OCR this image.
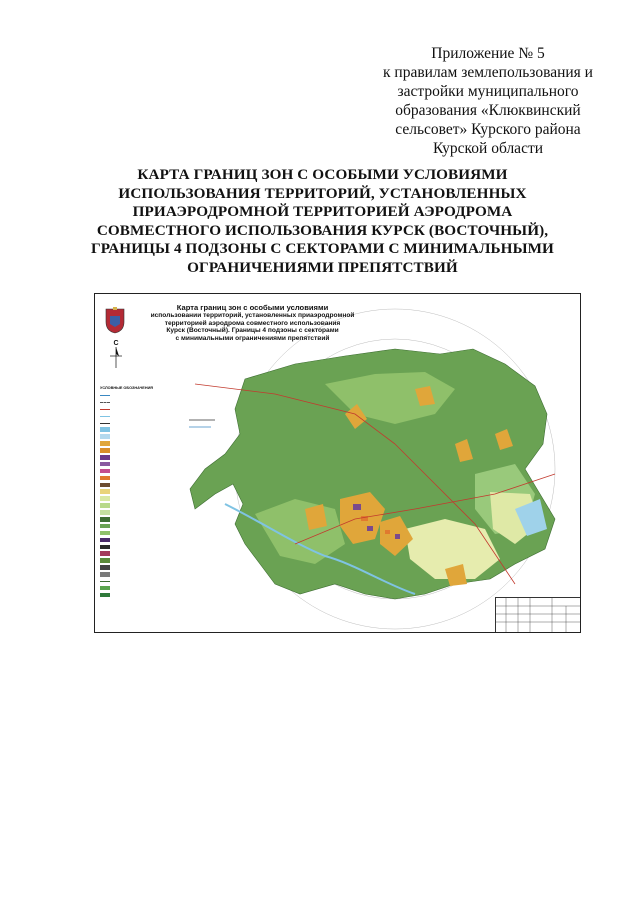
Приложение № 5
к правилам землепользования и
застройки муниципального
образования «Клюквинский
сельсовет» Курского района
Курской области
КАРТА ГРАНИЦ ЗОН С ОСОБЫМИ УСЛОВИЯМИ
ИСПОЛЬЗОВАНИЯ ТЕРРИТОРИЙ, УСТАНОВЛЕННЫХ
ПРИАЭРОДРОМНОЙ ТЕРРИТОРИЕЙ АЭРОДРОМА
СОВМЕСТНОГО ИСПОЛЬЗОВАНИЯ КУРСК (ВОСТОЧНЫЙ),
ГРАНИЦЫ 4 ПОДЗОНЫ С СЕКТОРАМИ С МИНИМАЛЬНЫМИ
ОГРАНИЧЕНИЯМИ ПРЕПЯТСТВИЙ
С
Карта границ зон с особыми условиями
использовании территорий, установленных приаэродромной
территорией аэродрома совместного использования
Курск (Восточный). Границы 4 подзоны с секторами
с минимальными ограничениями препятствий
УСЛОВНЫЕ ОБОЗНАЧЕНИЯ
